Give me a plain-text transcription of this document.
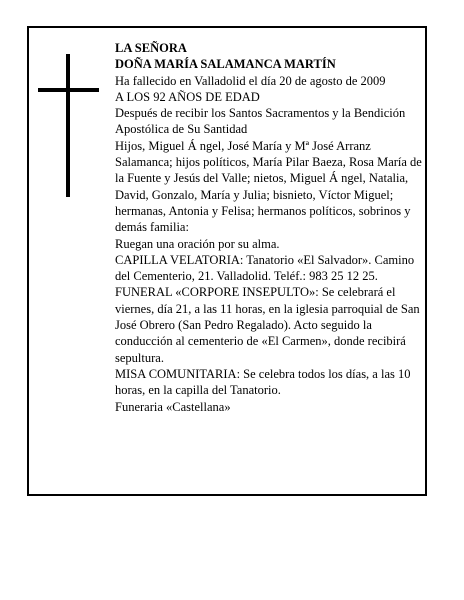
LA SEÑORA

DOÑA MARÍA SALAMANCA MARTÍN

Ha fallecido en Valladolid el día 20 de agosto de 2009

A LOS 92 AÑOS DE EDAD

Después de recibir los Santos Sacramentos y la Bendición Apostólica de Su Santidad

Hijos, Miguel Á ngel, José María y Mª José Arranz Salamanca; hijos políticos, María Pilar Baeza, Rosa María de la Fuente y Jesús del Valle; nietos, Miguel Á ngel, Natalia, David, Gonzalo, María y Julia; bisnieto, Víctor Miguel; hermanas, Antonia y Felisa; hermanos políticos, sobrinos y demás familia:

Ruegan una oración por su alma.

CAPILLA VELATORIA: Tanatorio «El Salvador». Camino del Cementerio, 21. Valladolid. Teléf.: 983 25 12 25.

FUNERAL «CORPORE INSEPULTO»: Se celebrará el viernes, día 21, a las 11 horas, en la iglesia parroquial de San José Obrero (San Pedro Regalado). Acto seguido la conducción al cementerio de «El Carmen», donde recibirá sepultura.

MISA COMUNITARIA: Se celebra todos los días, a las 10 horas, en la capilla del Tanatorio.

Funeraria «Castellana»
